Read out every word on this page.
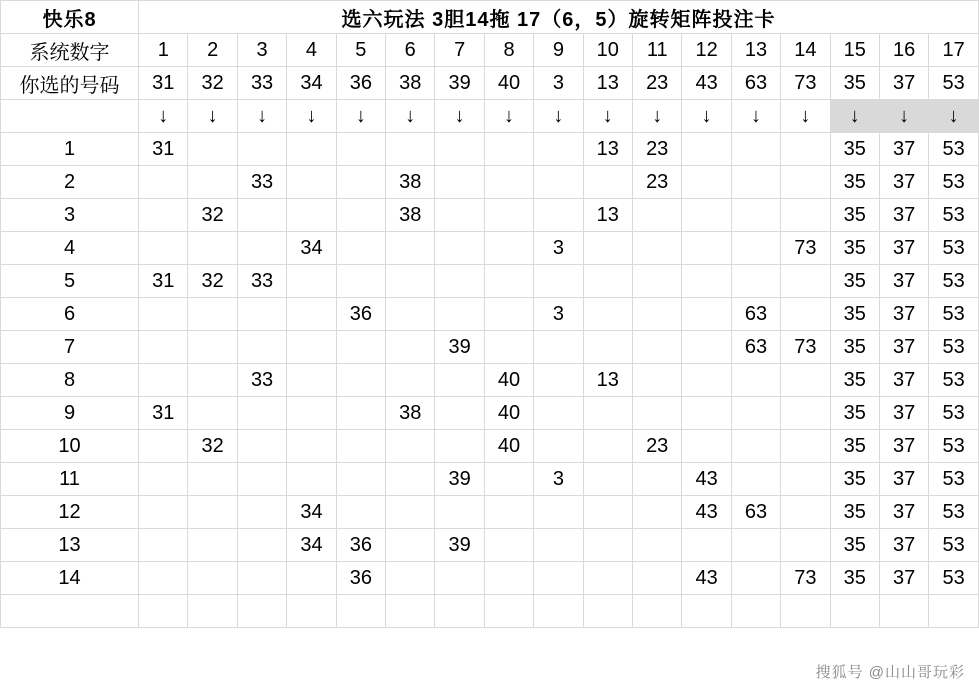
快乐8	选六玩法 3胆14拖 17（6，5）旋转矩阵投注卡																
系统数字	1	2	3	4	5	6	7	8	9	10	11	12	13	14	15	16	17
你选的号码	31	32	33	34	36	38	39	40	3	13	23	43	63	73	35	37	53
	↓	↓	↓	↓	↓	↓	↓	↓	↓	↓	↓	↓	↓	↓	↓	↓	↓
1	31									13	23				35	37	53
2			33			38					23				35	37	53
3		32				38				13					35	37	53
4				34					3					73	35	37	53
5	31	32	33												35	37	53
6					36				3				63		35	37	53
7							39						63	73	35	37	53
8			33					40		13					35	37	53
9	31					38		40							35	37	53
10		32						40			23				35	37	53
11							39		3			43			35	37	53
12				34								43	63		35	37	53
13				34	36		39								35	37	53
14					36							43		73	35	37	53

搜狐号 @山山哥玩彩
